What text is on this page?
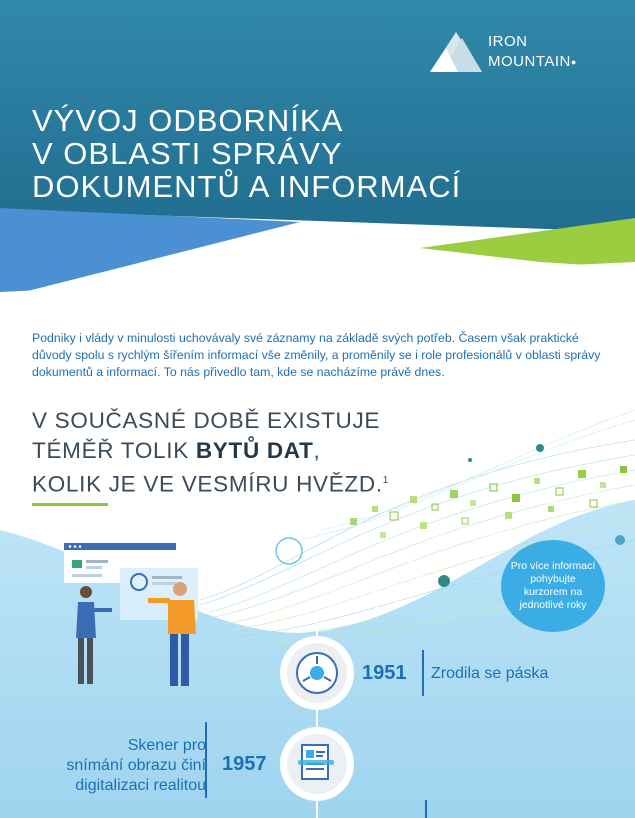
IRON
MOUNTAIN●
VÝVOJ ODBORNÍKA
V OBLASTI SPRÁVY
DOKUMENTŮ A INFORMACÍ
Podniky i vlády v minulosti uchovávaly své záznamy na základě svých potřeb. Časem však praktické důvody spolu s rychlým šířením informací vše změnily, a proměnily se i role profesionálů v oblasti správy dokumentů a informací. To nás přivedlo tam, kde se nacházíme právě dnes.
V SOUČASNÉ DOBĚ EXISTUJE
TÉMĚŘ TOLIK BYTŮ DAT,
KOLIK JE VE VESMÍRU HVĚZD.$^1$
Pro více informací pohybujte kurzorem na jednotlivé roky
1951 Zrodila se páska
1957
Skener pro
snímání obrazu činí
digitalizaci realitou
